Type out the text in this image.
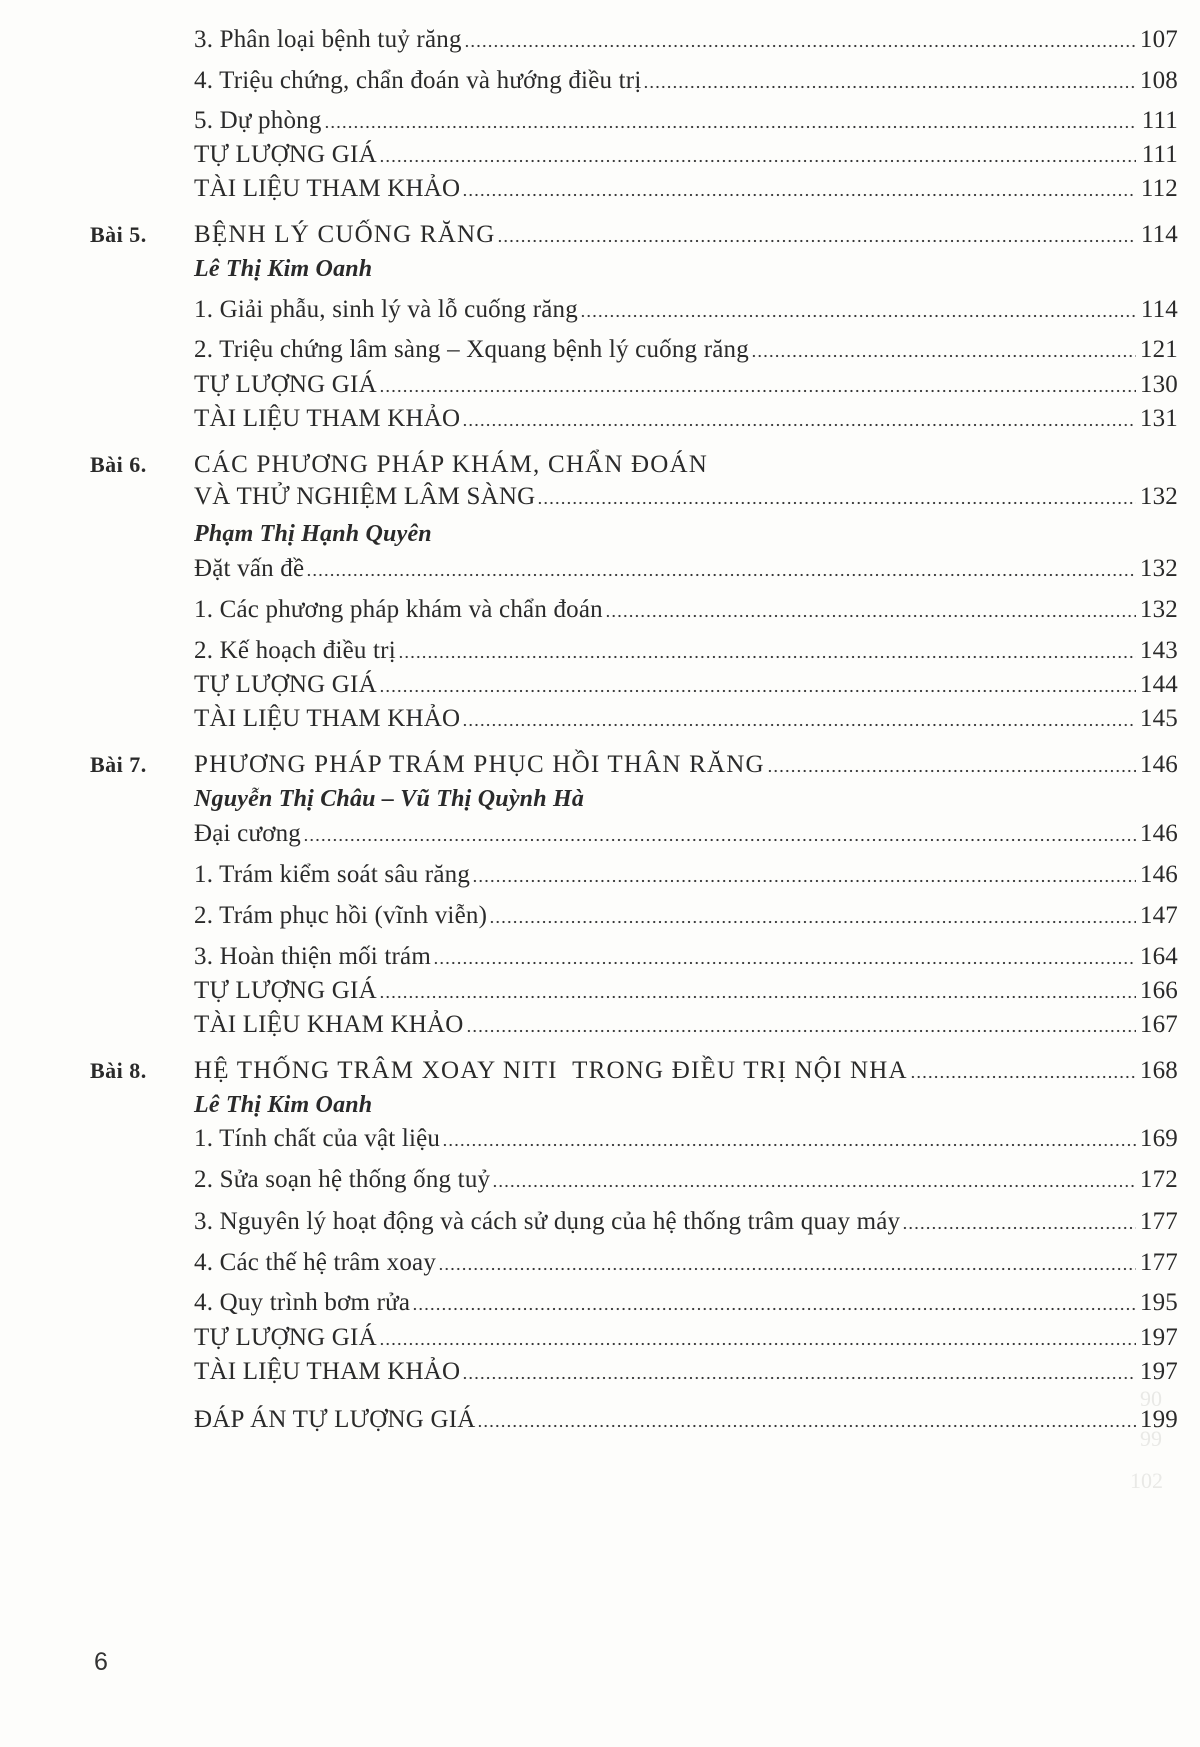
3. Phân loại bệnh tuỷ răng	107
4. Triệu chứng, chẩn đoán và hướng điều trị	108
5. Dự phòng	111
TỰ LƯỢNG GIÁ	111
TÀI LIỆU THAM KHẢO	112
Bài 5.	BỆNH LÝ CUỐNG RĂNG	114
Lê Thị Kim Oanh
1. Giải phẫu, sinh lý và lỗ cuống răng	114
2. Triệu chứng lâm sàng – Xquang bệnh lý cuống răng	121
TỰ LƯỢNG GIÁ	130
TÀI LIỆU THAM KHẢO	131
Bài 6.	CÁC PHƯƠNG PHÁP KHÁM, CHẨN ĐOÁN
VÀ THỬ NGHIỆM LÂM SÀNG	132
Phạm Thị Hạnh Quyên
Đặt vấn đề	132
1. Các phương pháp khám và chẩn đoán	132
2. Kế hoạch điều trị	143
TỰ LƯỢNG GIÁ	144
TÀI LIỆU THAM KHẢO	145
Bài 7.	PHƯƠNG PHÁP TRÁM PHỤC HỒI THÂN RĂNG	146
Nguyễn Thị Châu – Vũ Thị Quỳnh Hà
Đại cương	146
1. Trám kiểm soát sâu răng	146
2. Trám phục hồi (vĩnh viễn)	147
3. Hoàn thiện mối trám	164
TỰ LƯỢNG GIÁ	166
TÀI LIỆU KHAM KHẢO	167
Bài 8.	HỆ THỐNG TRÂM XOAY NITI  TRONG ĐIỀU TRỊ NỘI NHA	168
Lê Thị Kim Oanh
1. Tính chất của vật liệu	169
2. Sửa soạn hệ thống ống tuỷ	172
3. Nguyên lý hoạt động và cách sử dụng của hệ thống trâm quay máy	177
4. Các thế hệ trâm xoay	177
4. Quy trình bơm rửa	195
TỰ LƯỢNG GIÁ	197
TÀI LIỆU THAM KHẢO	197
ĐÁP ÁN TỰ LƯỢNG GIÁ	199
90
99
102
6
